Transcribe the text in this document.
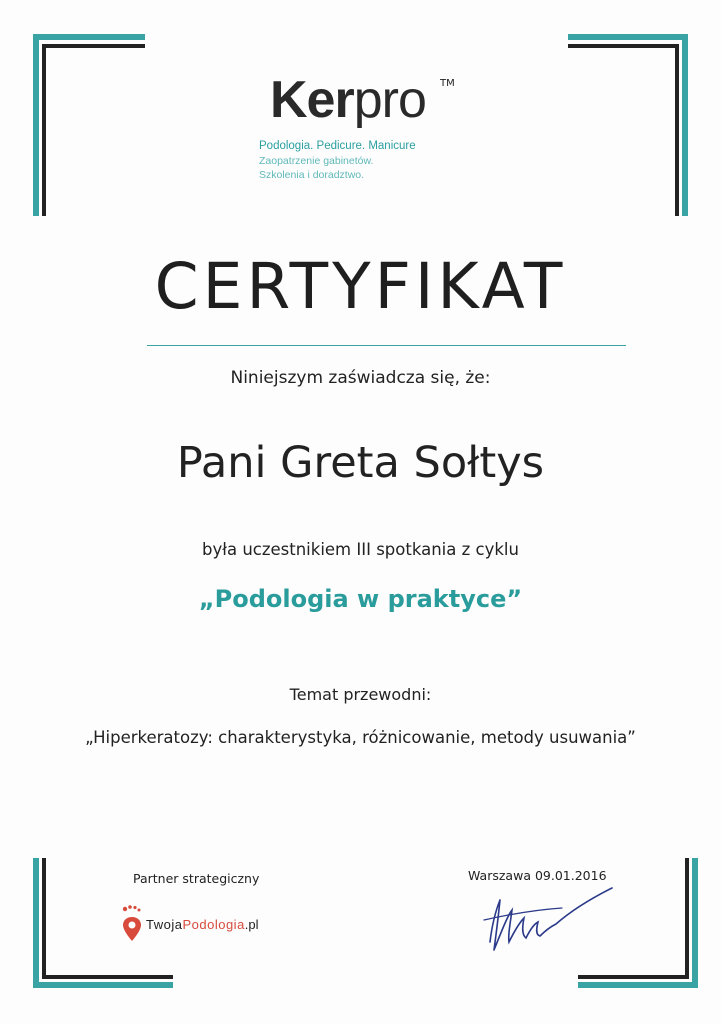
Kerpro TM
Podologia. Pedicure. Manicure
Zaopatrzenie gabinetów.
Szkolenia i doradztwo.
CERTYFIKAT
Niniejszym zaświadcza się, że:
Pani Greta Sołtys
była uczestnikiem III spotkania z cyklu
„Podologia w praktyce”
Temat przewodni:
„Hiperkeratozy: charakterystyka, różnicowanie, metody usuwania”
Partner strategiczny	Warszawa 09.01.2016
TwojaPodologia.pl
